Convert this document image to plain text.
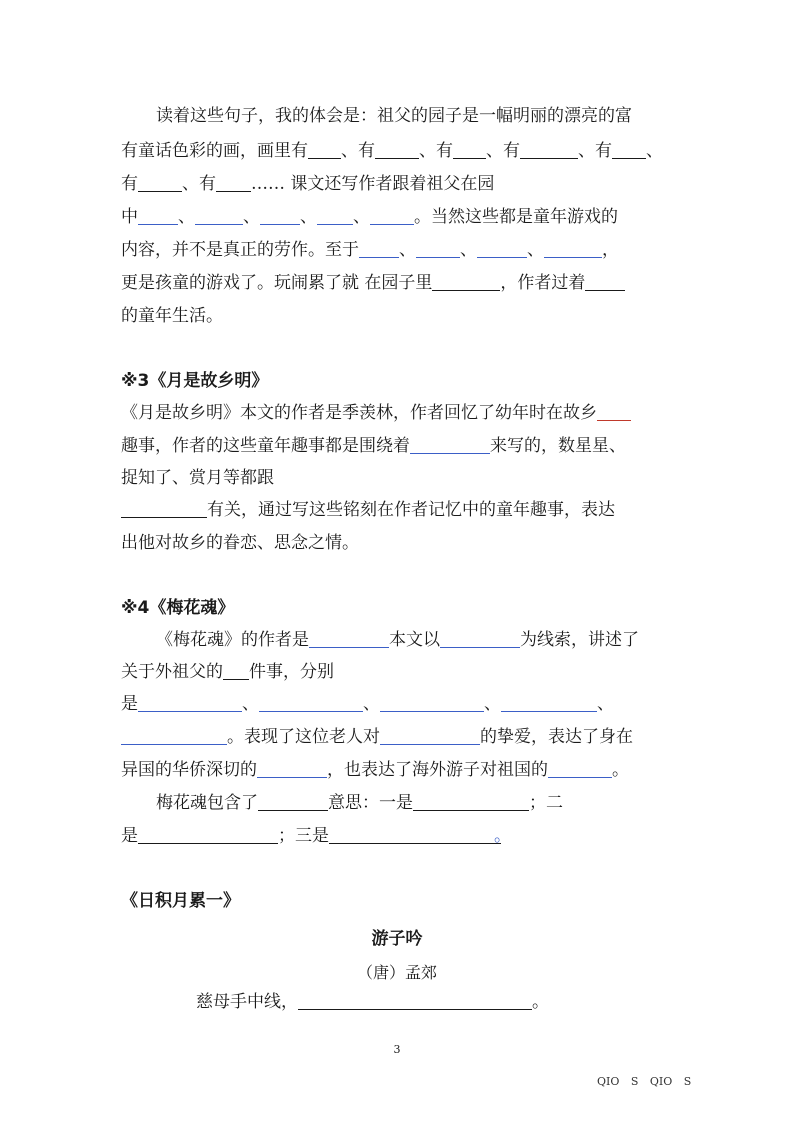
读着这些句子，我的体会是：祖父的园子是一幅明丽的漂亮的富
有童话色彩的画，画里有 、有	、有 、有	、有 、
有	、有 …… 课文还写作者跟着祖父在园
中 、	、 、 、	。当然这些都是童年游戏的
内容，并不是真正的劳作。至于 、	、	、	，
更是孩童的游戏了。玩闹累了就 在园子里	，作者过着
的童年生活。
※3《月是故乡明》
《月是故乡明》本文的作者是季羡林，作者回忆了幼年时在故乡
趣事，作者的这些童年趣事都是围绕着	来写的，数星星、
捉知了、赏月等都跟
有关，通过写这些铭刻在作者记忆中的童年趣事，表达
出他对故乡的眷恋、思念之情。
※4《梅花魂》
《梅花魂》的作者是	本文以	为线索，讲述了
关于外祖父的 件事，分别
是	、	、	、	、
。表现了这位老人对	的挚爱，表达了身在
异国的华侨深切的	，也表达了海外游子对祖国的	。
梅花魂包含了	意思：一是	；二
是	；三是	。
《日积月累一》
游子吟
（唐）孟郊
慈母手中线，	。
3
QIO S QIO S
